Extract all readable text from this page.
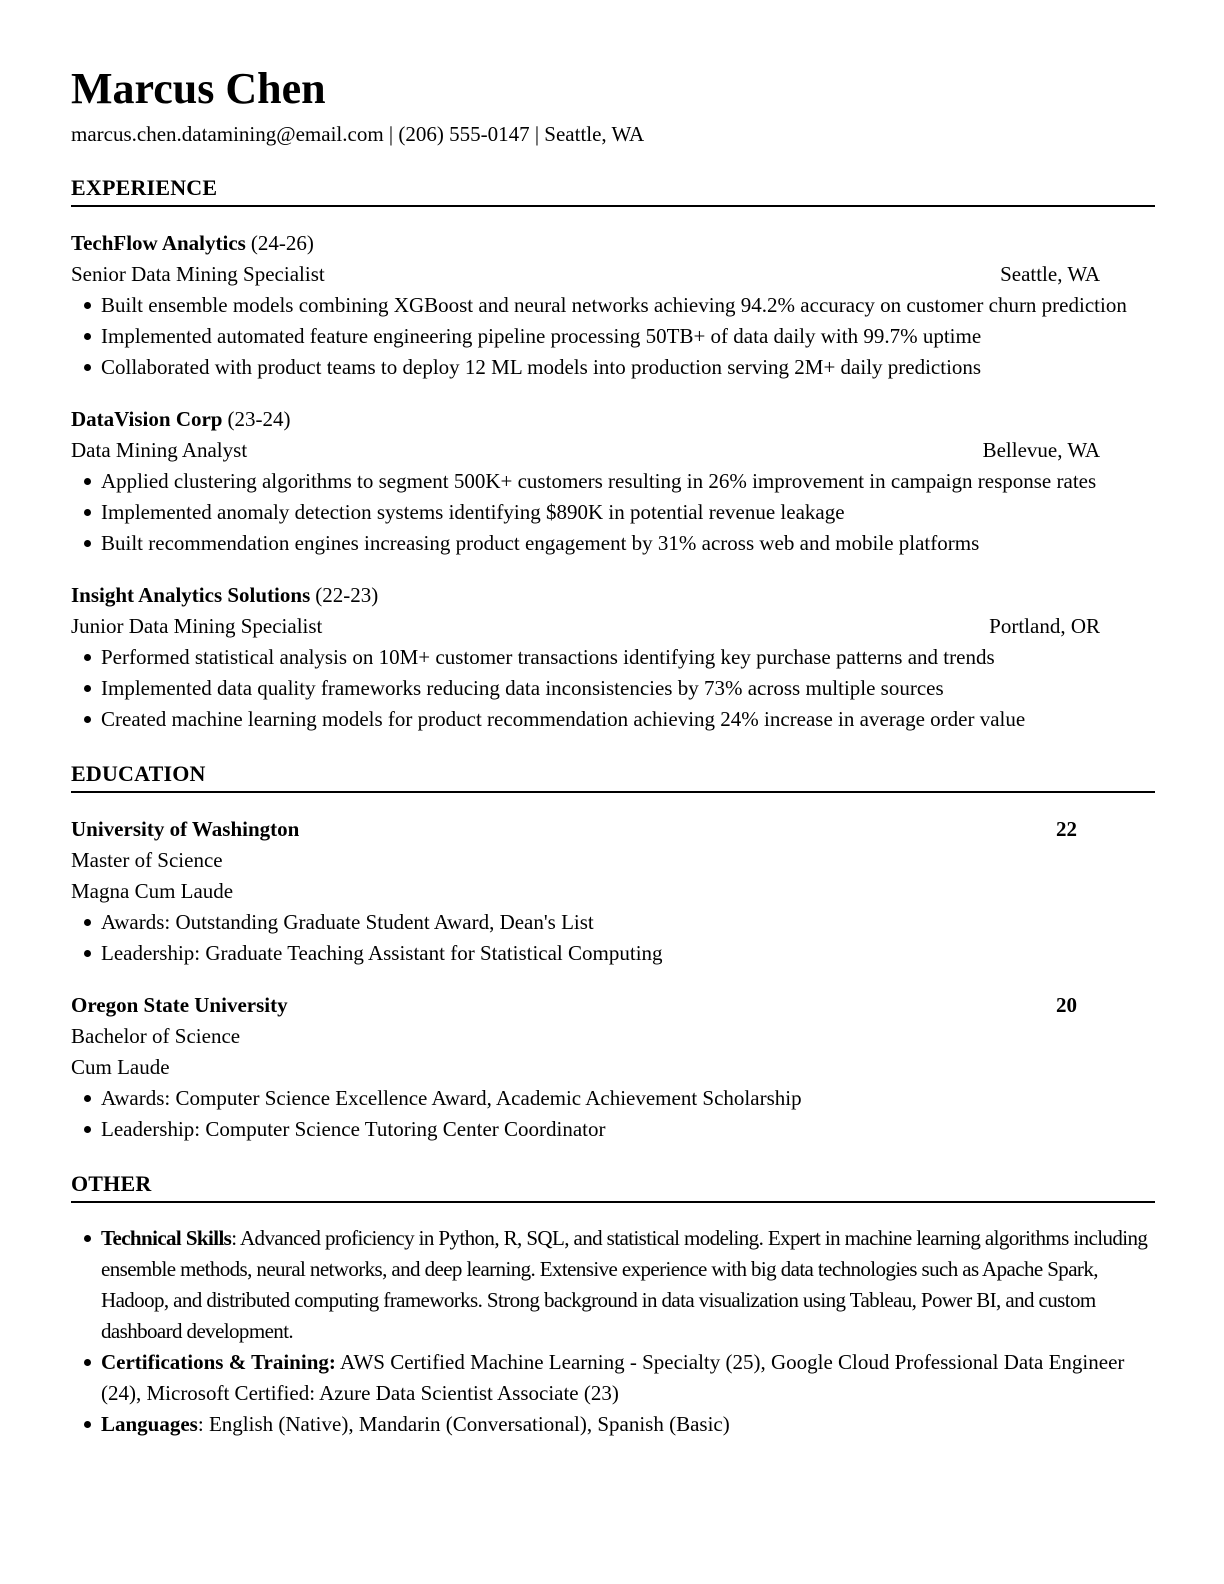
Marcus Chen
marcus.chen.datamining@email.com | (206) 555-0147 | Seattle, WA
EXPERIENCE
TechFlow Analytics (24-26)
Senior Data Mining Specialist	Seattle, WA
Built ensemble models combining XGBoost and neural networks achieving 94.2% accuracy on customer churn prediction
Implemented automated feature engineering pipeline processing 50TB+ of data daily with 99.7% uptime
Collaborated with product teams to deploy 12 ML models into production serving 2M+ daily predictions
DataVision Corp (23-24)
Data Mining Analyst	Bellevue, WA
Applied clustering algorithms to segment 500K+ customers resulting in 26% improvement in campaign response rates
Implemented anomaly detection systems identifying $890K in potential revenue leakage
Built recommendation engines increasing product engagement by 31% across web and mobile platforms
Insight Analytics Solutions (22-23)
Junior Data Mining Specialist	Portland, OR
Performed statistical analysis on 10M+ customer transactions identifying key purchase patterns and trends
Implemented data quality frameworks reducing data inconsistencies by 73% across multiple sources
Created machine learning models for product recommendation achieving 24% increase in average order value
EDUCATION
University of Washington	22
Master of Science
Magna Cum Laude
Awards: Outstanding Graduate Student Award, Dean's List
Leadership: Graduate Teaching Assistant for Statistical Computing
Oregon State University	20
Bachelor of Science
Cum Laude
Awards: Computer Science Excellence Award, Academic Achievement Scholarship
Leadership: Computer Science Tutoring Center Coordinator
OTHER
Technical Skills: Advanced proficiency in Python, R, SQL, and statistical modeling. Expert in machine learning algorithms including ensemble methods, neural networks, and deep learning. Extensive experience with big data technologies such as Apache Spark, Hadoop, and distributed computing frameworks. Strong background in data visualization using Tableau, Power BI, and custom dashboard development.
Certifications & Training: AWS Certified Machine Learning - Specialty (25), Google Cloud Professional Data Engineer (24), Microsoft Certified: Azure Data Scientist Associate (23)
Languages: English (Native), Mandarin (Conversational), Spanish (Basic)
